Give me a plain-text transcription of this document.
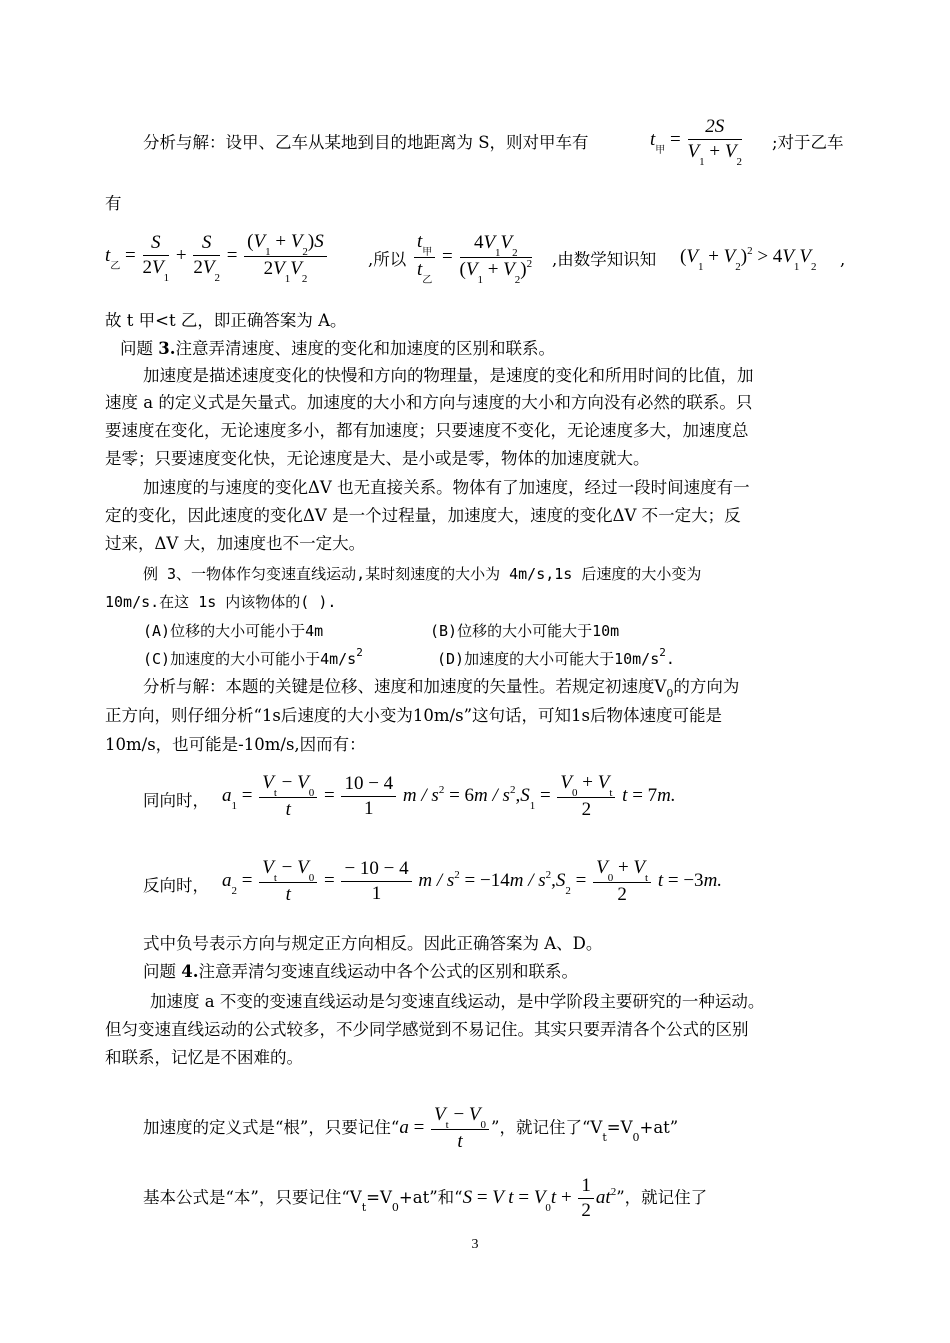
分析与解：设甲、乙车从某地到目的地距离为 S，则对甲车有	$t_甲 = \frac{2S}{V_1 + V_2}$ ;对于乙车
有
$t_乙 = \frac{S}{2V_1} + \frac{S}{2V_2} = \frac{(V_1 + V_2)S}{2V_1V_2}$	,所以 $\frac{t_甲}{t_乙} = \frac{4V_1V_2}{(V_1 + V_2)^2}$ ,由数学知识知 $(V_1 + V_2)^2 > 4V_1V_2$ ,
故 t 甲<t 乙，即正确答案为 A。
问题 3.注意弄清速度、速度的变化和加速度的区别和联系。
加速度是描述速度变化的快慢和方向的物理量，是速度的变化和所用时间的比值，加
速度 a 的定义式是矢量式。加速度的大小和方向与速度的大小和方向没有必然的联系。只
要速度在变化，无论速度多小，都有加速度；只要速度不变化，无论速度多大，加速度总
是零；只要速度变化快，无论速度是大、是小或是零，物体的加速度就大。
加速度的与速度的变化ΔV 也无直接关系。物体有了加速度，经过一段时间速度有一
定的变化，因此速度的变化ΔV 是一个过程量，加速度大，速度的变化ΔV 不一定大；反
过来，ΔV 大，加速度也不一定大。
例 3、一物体作匀变速直线运动,某时刻速度的大小为 4m/s,1s 后速度的大小变为
10m/s.在这 1s 内该物体的( ).
(A)位移的大小可能小于4m	(B)位移的大小可能大于10m
(C)加速度的大小可能小于$4m/s^2$	(D)加速度的大小可能大于$10m/s^2$.
分析与解：本题的关键是位移、速度和加速度的矢量性。若规定初速度$V_0$的方向为
正方向，则仔细分析“1s后速度的大小变为10m/s”这句话，可知1s后物体速度可能是
10m/s，也可能是-10m/s,因而有：
同向时， $a_1 = \frac{V_t - V_0}{t} = \frac{10 - 4}{1}$ $m / s^2 = 6m / s^2,S_1 = \frac{V_0 + V_t}{2}$ t = 7m.
反向时， $a_2 = \frac{V_t - V_0}{t} = \frac{- 10 - 4}{1}$ $m / s^2 = -14m / s^2,S_2 = \frac{V_0 + V_t}{2}$ t = −3m.
式中负号表示方向与规定正方向相反。因此正确答案为 A、D。
问题 4.注意弄清匀变速直线运动中各个公式的区别和联系。
加速度 a 不变的变速直线运动是匀变速直线运动，是中学阶段主要研究的一种运动。
但匀变速直线运动的公式较多，不少同学感觉到不易记住。其实只要弄清各个公式的区别
和联系，记忆是不困难的。
加速度的定义式是“根”，只要记住“$a = \frac{V_t - V_0}{t}$ ”，就记住了“$V_t=V_0+at$”
基本公式是“本”，只要记住“$V_t=V_0+at$”和“S = V $t = V_0t + \frac{1}{2} at^2$”，就记住了
3
